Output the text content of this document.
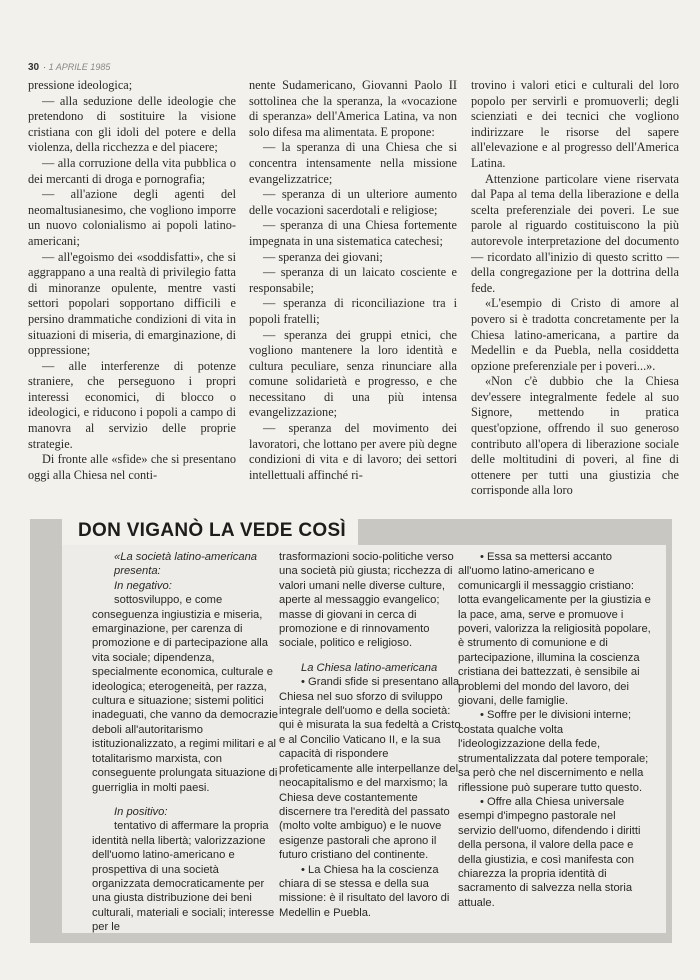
30 · 1 APRILE 1985

pressione ideologica;

— alla seduzione delle ideologie che pretendono di sostituire la visione cristiana con gli idoli del potere e della violenza, della ricchezza e del piacere;

— alla corruzione della vita pubblica o dei mercanti di droga e pornografia;

— all'azione degli agenti del neomaltusianesimo, che vogliono imporre un nuovo colonialismo ai popoli latino-americani;

— all'egoismo dei «soddisfatti», che si aggrappano a una realtà di privilegio fatta di minoranze opulente, mentre vasti settori popolari sopportano difficili e persino drammatiche condizioni di vita in situazioni di miseria, di emarginazione, di oppressione;

— alle interferenze di potenze straniere, che perseguono i propri interessi economici, di blocco o ideologici, e riducono i popoli a campo di manovra al servizio delle proprie strategie.

Di fronte alle «sfide» che si presentano oggi alla Chiesa nel conti-

nente Sudamericano, Giovanni Paolo II sottolinea che la speranza, la «vocazione di speranza» dell'America Latina, va non solo difesa ma alimentata. E propone:

— la speranza di una Chiesa che si concentra intensamente nella missione evangelizzatrice;

— speranza di un ulteriore aumento delle vocazioni sacerdotali e religiose;

— speranza di una Chiesa fortemente impegnata in una sistematica catechesi;

— speranza dei giovani;

— speranza di un laicato cosciente e responsabile;

— speranza di riconciliazione tra i popoli fratelli;

— speranza dei gruppi etnici, che vogliono mantenere la loro identità e cultura peculiare, senza rinunciare alla comune solidarietà e progresso, e che necessitano di una più intensa evangelizzazione;

— speranza del movimento dei lavoratori, che lottano per avere più degne condizioni di vita e di lavoro; dei settori intellettuali affinché ri-

trovino i valori etici e culturali del loro popolo per servirli e promuoverli; degli scienziati e dei tecnici che vogliono indirizzare le risorse del sapere all'elevazione e al progresso dell'America Latina.

Attenzione particolare viene riservata dal Papa al tema della liberazione e della scelta preferenziale dei poveri. Le sue parole al riguardo costituiscono la più autorevole interpretazione del documento — ricordato all'inizio di questo scritto — della congregazione per la dottrina della fede.

«L'esempio di Cristo di amore al povero si è tradotta concretamente per la Chiesa latino-americana, a partire da Medellin e da Puebla, nella cosiddetta opzione preferenziale per i poveri...».

«Non c'è dubbio che la Chiesa dev'essere integralmente fedele al suo Signore, mettendo in pratica quest'opzione, offrendo il suo generoso contributo all'opera di liberazione sociale delle moltitudini di poveri, al fine di ottenere per tutti una giustizia che corrisponde alla loro

DON VIGANÒ LA VEDE COSÌ

«La società latino-americana presenta:

In negativo:

sottosviluppo, e come conseguenza ingiustizia e miseria, emarginazione, per carenza di promozione e di partecipazione alla vita sociale; dipendenza, specialmente economica, culturale e ideologica; eterogeneità, per razza, cultura e situazione; sistemi politici inadeguati, che vanno da democrazie deboli all'autoritarismo istituzionalizzato, a regimi militari e al totalitarismo marxista, con conseguente prolungata situazione di guerriglia in molti paesi.

In positivo:

tentativo di affermare la propria identità nella libertà; valorizzazione dell'uomo latino-americano e prospettiva di una società organizzata democraticamente per una giusta distribuzione dei beni culturali, materiali e sociali; interesse per le

trasformazioni socio-politiche verso una società più giusta; ricchezza di valori umani nelle diverse culture, aperte al messaggio evangelico; masse di giovani in cerca di promozione e di rinnovamento sociale, politico e religioso.

La Chiesa latino-americana

• Grandi sfide si presentano alla Chiesa nel suo sforzo di sviluppo integrale dell'uomo e della società: qui è misurata la sua fedeltà a Cristo e al Concilio Vaticano II, e la sua capacità di rispondere profeticamente alle interpellanze del neocapitalismo e del marxismo; la Chiesa deve costantemente discernere tra l'eredità del passato (molto volte ambiguo) e le nuove esigenze pastorali che aprono il futuro cristiano del continente.

• La Chiesa ha la coscienza chiara di se stessa e della sua missione: è il risultato del lavoro di Medellin e Puebla.

• Essa sa mettersi accanto all'uomo latino-americano e comunicargli il messaggio cristiano: lotta evangelicamente per la giustizia e la pace, ama, serve e promuove i poveri, valorizza la religiosità popolare, è strumento di comunione e di partecipazione, illumina la coscienza cristiana dei battezzati, è sensibile ai problemi del mondo del lavoro, dei giovani, delle famiglie.

• Soffre per le divisioni interne; costata qualche volta l'ideologizzazione della fede, strumentalizzata dal potere temporale; sa però che nel discernimento e nella riflessione può superare tutto questo.

• Offre alla Chiesa universale esempi d'impegno pastorale nel servizio dell'uomo, difendendo i diritti della persona, il valore della pace e della giustizia, e così manifesta con chiarezza la propria identità di sacramento di salvezza nella storia attuale.
